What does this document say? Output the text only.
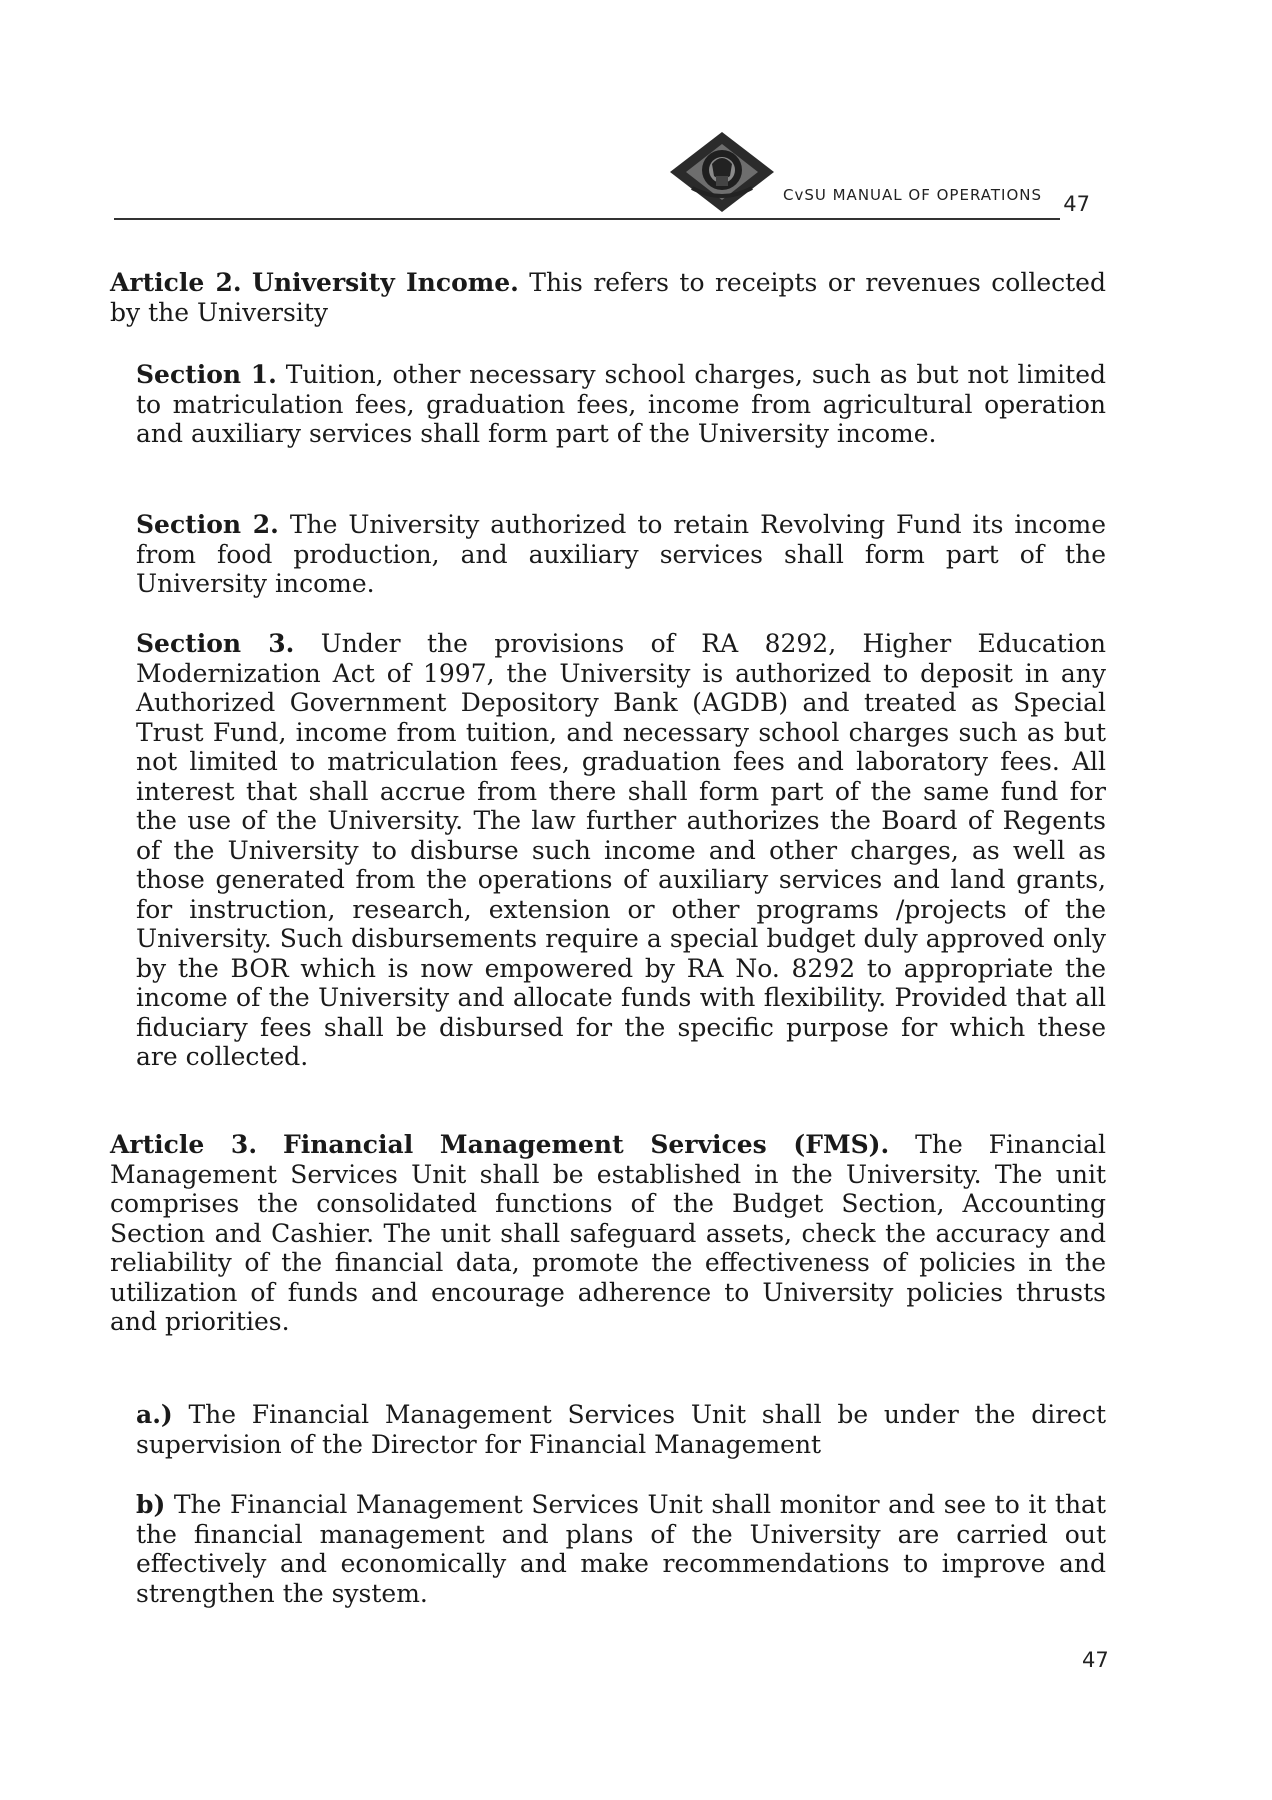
CvSU MANUAL OF OPERATIONS 47

Article 2. University Income. This refers to receipts or revenues collected by the University

Section 1. Tuition, other necessary school charges, such as but not limited to matriculation fees, graduation fees, income from agricultural operation and auxiliary services shall form part of the University income.

Section 2. The University authorized to retain Revolving Fund its income from food production, and auxiliary services shall form part of the University income.

Section 3. Under the provisions of RA 8292, Higher Education Modernization Act of 1997, the University is authorized to deposit in any Authorized Government Depository Bank (AGDB) and treated as Special Trust Fund, income from tuition, and necessary school charges such as but not limited to matriculation fees, graduation fees and laboratory fees. All interest that shall accrue from there shall form part of the same fund for the use of the University. The law further authorizes the Board of Regents of the University to disburse such income and other charges, as well as those generated from the operations of auxiliary services and land grants, for instruction, research, extension or other programs /projects of the University. Such disbursements require a special budget duly approved only by the BOR which is now empowered by RA No. 8292 to appropriate the income of the University and allocate funds with flexibility. Provided that all fiduciary fees shall be disbursed for the specific purpose for which these are collected.

Article 3. Financial Management Services (FMS). The Financial Management Services Unit shall be established in the University. The unit comprises the consolidated functions of the Budget Section, Accounting Section and Cashier. The unit shall safeguard assets, check the accuracy and reliability of the financial data, promote the effectiveness of policies in the utilization of funds and encourage adherence to University policies thrusts and priorities.

a.) The Financial Management Services Unit shall be under the direct supervision of the Director for Financial Management

b) The Financial Management Services Unit shall monitor and see to it that the financial management and plans of the University are carried out effectively and economically and make recommendations to improve and strengthen the system.

47
